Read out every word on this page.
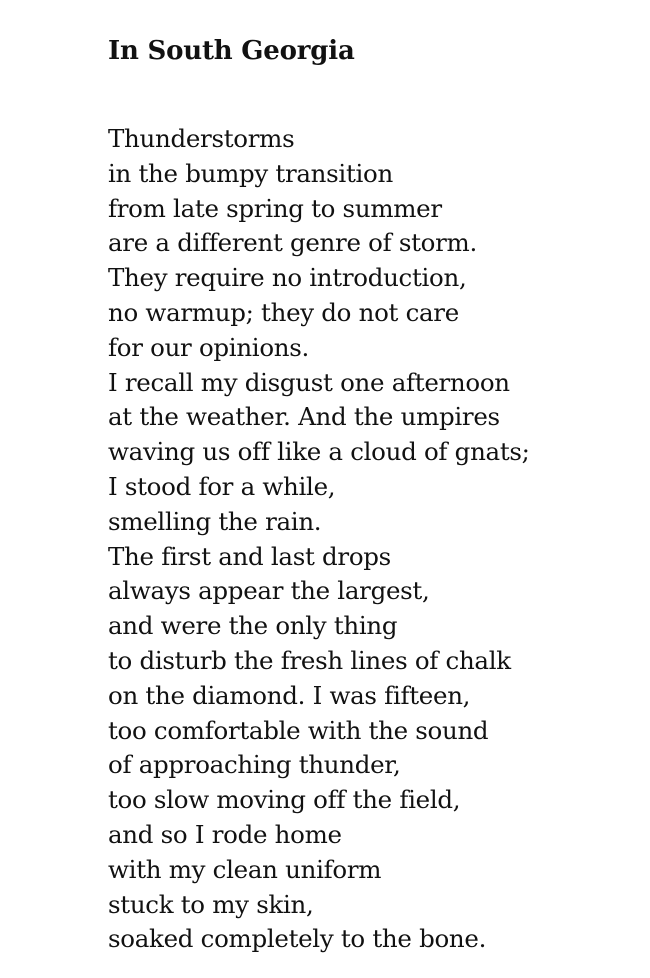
In South Georgia
Thunderstorms
in the bumpy transition
from late spring to summer
are a different genre of storm.
They require no introduction,
no warmup; they do not care
for our opinions.
I recall my disgust one afternoon
at the weather. And the umpires
waving us off like a cloud of gnats;
I stood for a while,
smelling the rain.
The first and last drops
always appear the largest,
and were the only thing
to disturb the fresh lines of chalk
on the diamond. I was fifteen,
too comfortable with the sound
of approaching thunder,
too slow moving off the field,
and so I rode home
with my clean uniform
stuck to my skin,
soaked completely to the bone.
